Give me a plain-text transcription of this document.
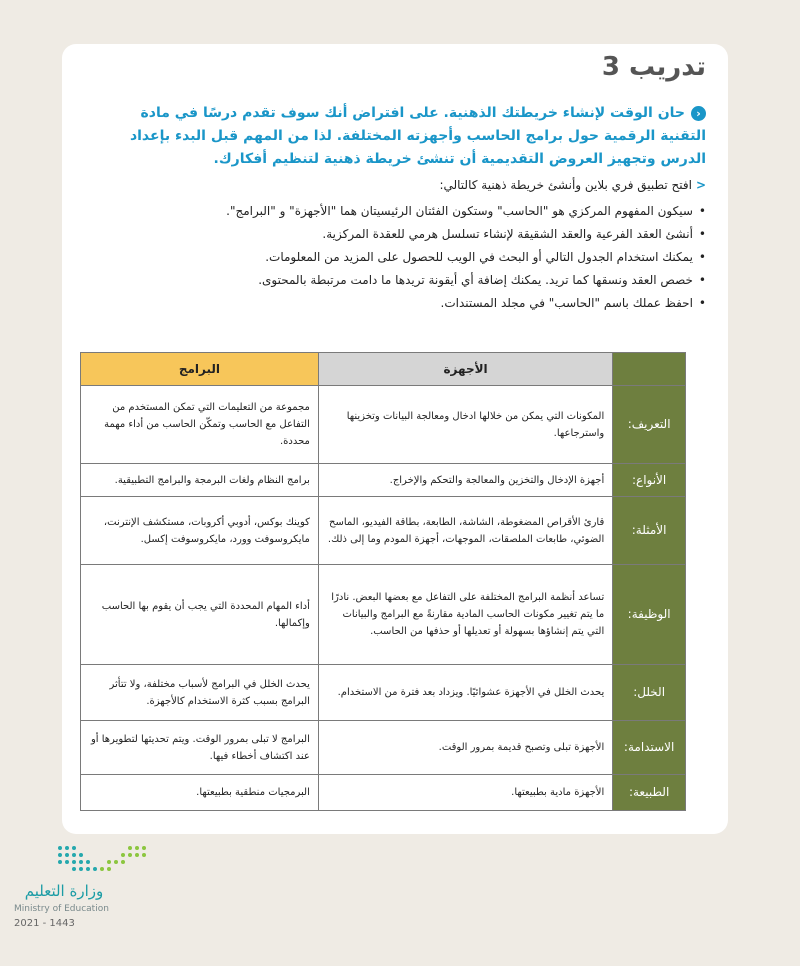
تدريب 3
‹حان الوقت لإنشاء خريطتك الذهنية. على افتراض أنك سوف تقدم درسًا في مادة التقنية الرقمية حول برامج الحاسب وأجهزته المختلفة. لذا من المهم قبل البدء بإعداد الدرس وتجهيز العروض التقديمية أن تنشئ خريطة ذهنية لتنظيم أفكارك.
<افتح تطبيق فري بلاين وأنشئ خريطة ذهنية كالتالي:
• سيكون المفهوم المركزي هو "الحاسب" وستكون الفئتان الرئيسيتان هما "الأجهزة" و "البرامج".
• أنشئ العقد الفرعية والعقد الشقيقة لإنشاء تسلسل هرمي للعقدة المركزية.
• يمكنك استخدام الجدول التالي أو البحث في الويب للحصول على المزيد من المعلومات.
• خصص العقد ونسقها كما تريد. يمكنك إضافة أي أيقونة تريدها ما دامت مرتبطة بالمحتوى.
• احفظ عملك باسم "الحاسب" في مجلد المستندات.
	الأجهزة	البرامج
التعريف:	المكونات التي يمكن من خلالها ادخال ومعالجة البيانات وتخزينها واسترجاعها.	مجموعة من التعليمات التي تمكن المستخدم من التفاعل مع الحاسب وتمكّن الحاسب من أداء مهمة محددة.
الأنواع:	أجهزة الإدخال والتخزين والمعالجة والتحكم والإخراج.	برامج النظام ولغات البرمجة والبرامج التطبيقية.
الأمثلة:	قارئ الأقراص المضغوطة، الشاشة، الطابعة، بطاقة الفيديو، الماسح الضوئي، طابعات الملصقات، الموجهات، أجهزة المودم وما إلى ذلك.	كوينك بوكس، أدوبي أكروبات، مستكشف الإنترنت، مايكروسوفت وورد، مايكروسوفت إكسل.
الوظيفة:	تساعد أنظمة البرامج المختلفة على التفاعل مع بعضها البعض. نادرًا ما يتم تغيير مكونات الحاسب المادية مقارنةً مع البرامج والبيانات التي يتم إنشاؤها بسهولة أو تعديلها أو حذفها من الحاسب.	أداء المهام المحددة التي يجب أن يقوم بها الحاسب وإكمالها.
الخلل:	يحدث الخلل في الأجهزة عشوائيًا. ويزداد بعد فترة من الاستخدام.	يحدث الخلل في البرامج لأسباب مختلفة، ولا تتأثر البرامج بسبب كثرة الاستخدام كالأجهزة.
الاستدامة:	الأجهزة تبلى وتصبح قديمة بمرور الوقت.	البرامج لا تبلى بمرور الوقت. ويتم تحديثها لتطويرها أو عند اكتشاف أخطاء فيها.
الطبيعة:	الأجهزة مادية بطبيعتها.	البرمجيات منطقية بطبيعتها.
وزارة التعليم
Ministry of Education
2021 - 1443
